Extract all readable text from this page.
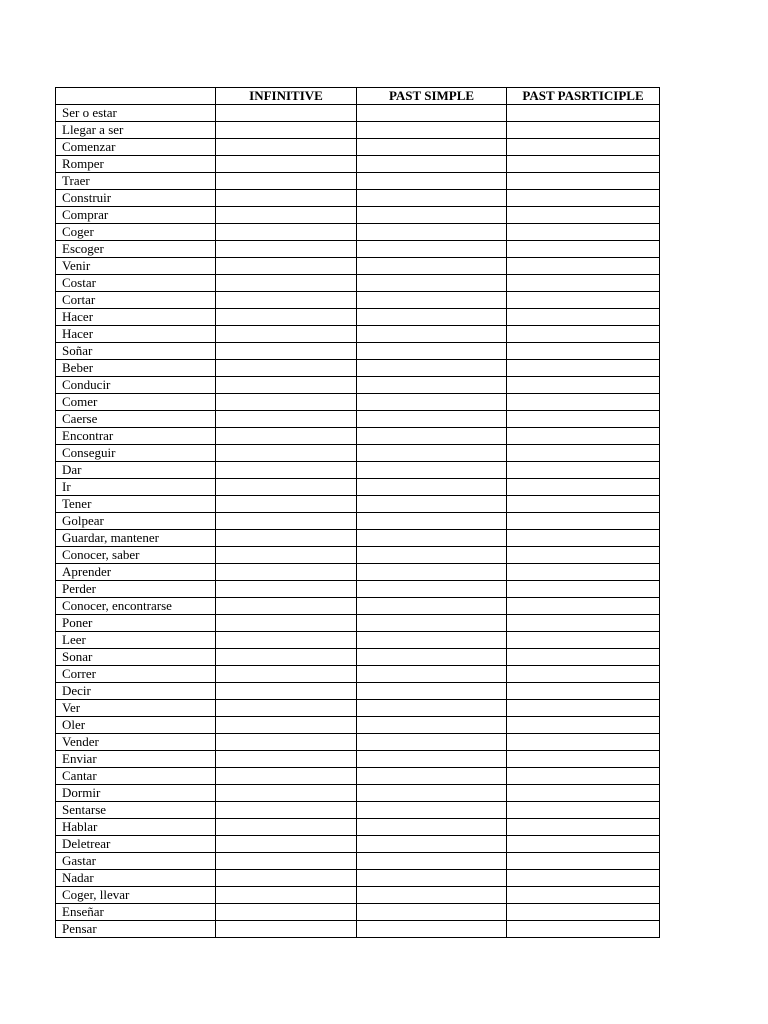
	INFINITIVE	PAST SIMPLE	PAST PASRTICIPLE
Ser o estar			
Llegar a ser			
Comenzar			
Romper			
Traer			
Construir			
Comprar			
Coger			
Escoger			
Venir			
Costar			
Cortar			
Hacer			
Hacer			
Soñar			
Beber			
Conducir			
Comer			
Caerse			
Encontrar			
Conseguir			
Dar			
Ir			
Tener			
Golpear			
Guardar, mantener			
Conocer, saber			
Aprender			
Perder			
Conocer, encontrarse			
Poner			
Leer			
Sonar			
Correr			
Decir			
Ver			
Oler			
Vender			
Enviar			
Cantar			
Dormir			
Sentarse			
Hablar			
Deletrear			
Gastar			
Nadar			
Coger, llevar			
Enseñar			
Pensar			
